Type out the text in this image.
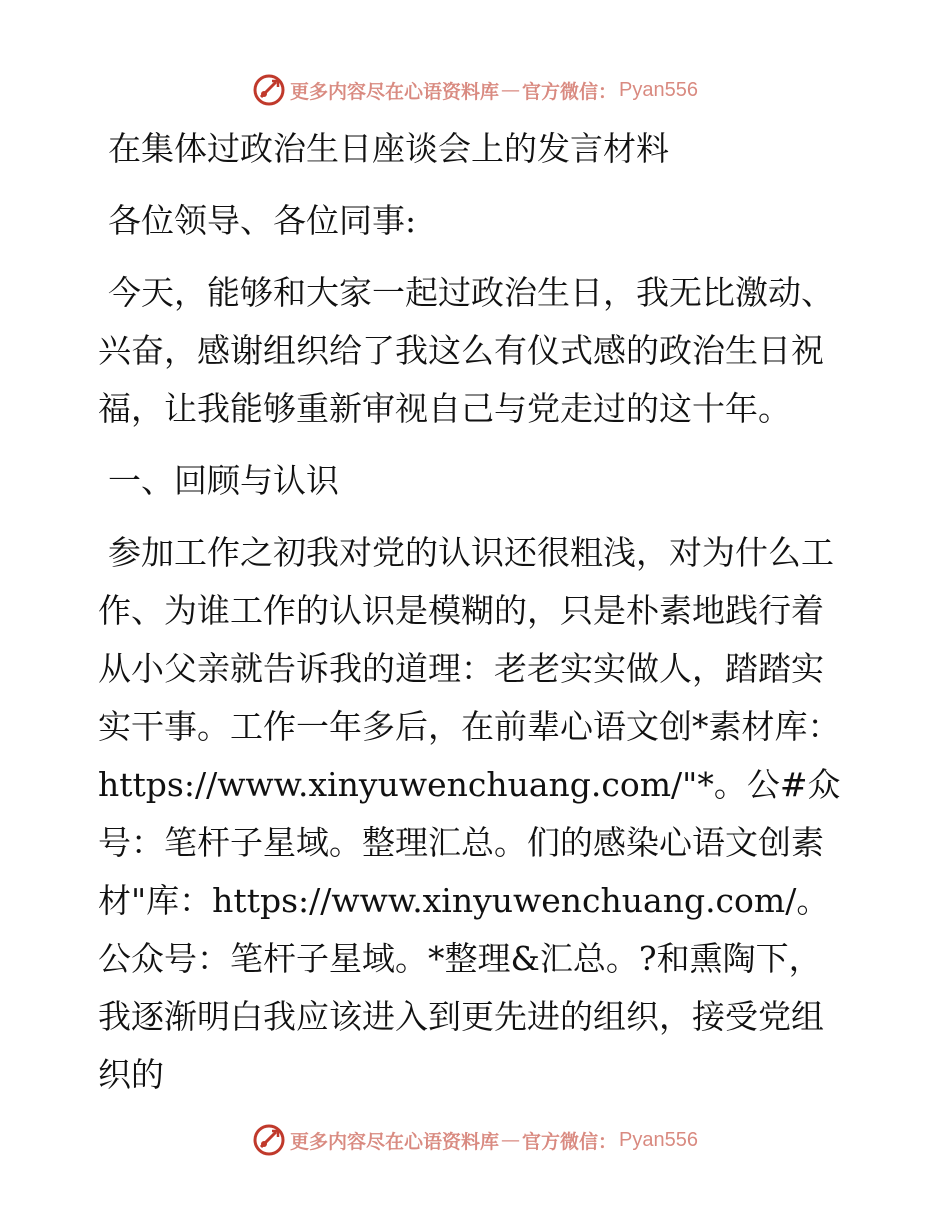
更多内容尽在心语资料库 — 官方微信： Pyan556

在集体过政治生日座谈会上的发言材料

各位领导、各位同事:

今天，能够和大家一起过政治生日，我无比激动、兴奋，感谢组织给了我这么有仪式感的政治生日祝福，让我能够重新审视自己与党走过的这十年。

一、回顾与认识

参加工作之初我对党的认识还很粗浅，对为什么工作、为谁工作的认识是模糊的，只是朴素地践行着从小父亲就告诉我的道理：老老实实做人，踏踏实实干事。工作一年多后，在前辈心语文创*素材库：https://www.xinyuwenchuang.com/"*。公#众号：笔杆子星域。整理汇总。们的感染心语文创素材"库：https://www.xinyuwenchuang.com/。公众号：笔杆子星域。*整理&汇总。?和熏陶下，我逐渐明白我应该进入到更先进的组织，接受党组织的

更多内容尽在心语资料库 — 官方微信： Pyan556
